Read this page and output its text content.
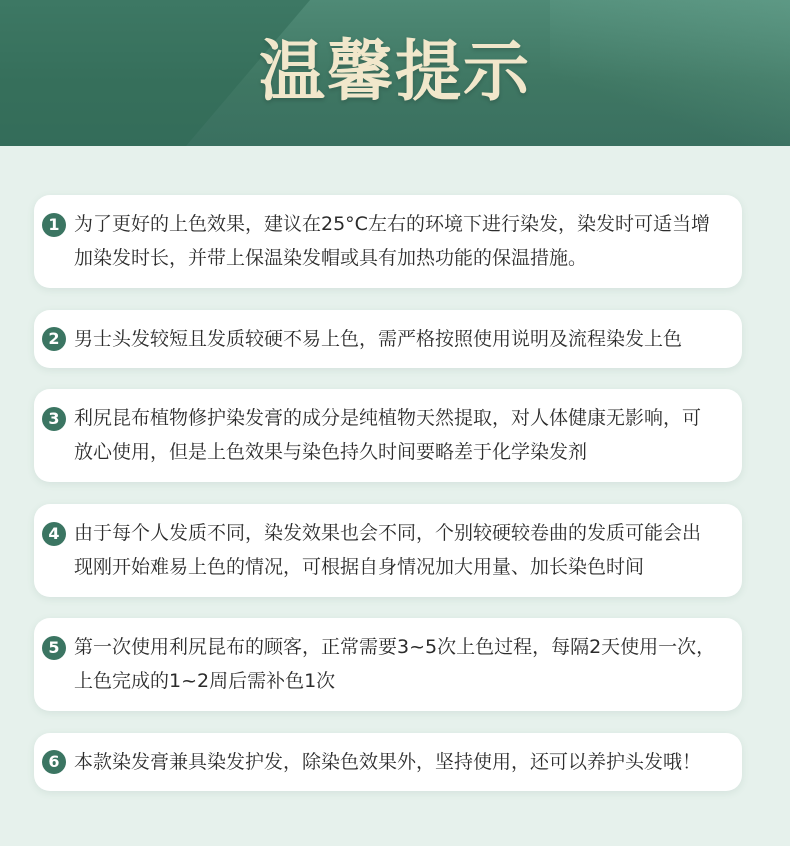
温馨提示
1 为了更好的上色效果，建议在25°C左右的环境下进行染发，染发时可适当增加染发时长，并带上保温染发帽或具有加热功能的保温措施。

2 男士头发较短且发质较硬不易上色，需严格按照使用说明及流程染发上色

3 利尻昆布植物修护染发膏的成分是纯植物天然提取，对人体健康无影响，可放心使用，但是上色效果与染色持久时间要略差于化学染发剂

4 由于每个人发质不同，染发效果也会不同，个别较硬较卷曲的发质可能会出现刚开始难易上色的情况，可根据自身情况加大用量、加长染色时间

5 第一次使用利尻昆布的顾客，正常需要3~5次上色过程，每隔2天使用一次，上色完成的1~2周后需补色1次

6 本款染发膏兼具染发护发，除染色效果外，坚持使用，还可以养护头发哦！
